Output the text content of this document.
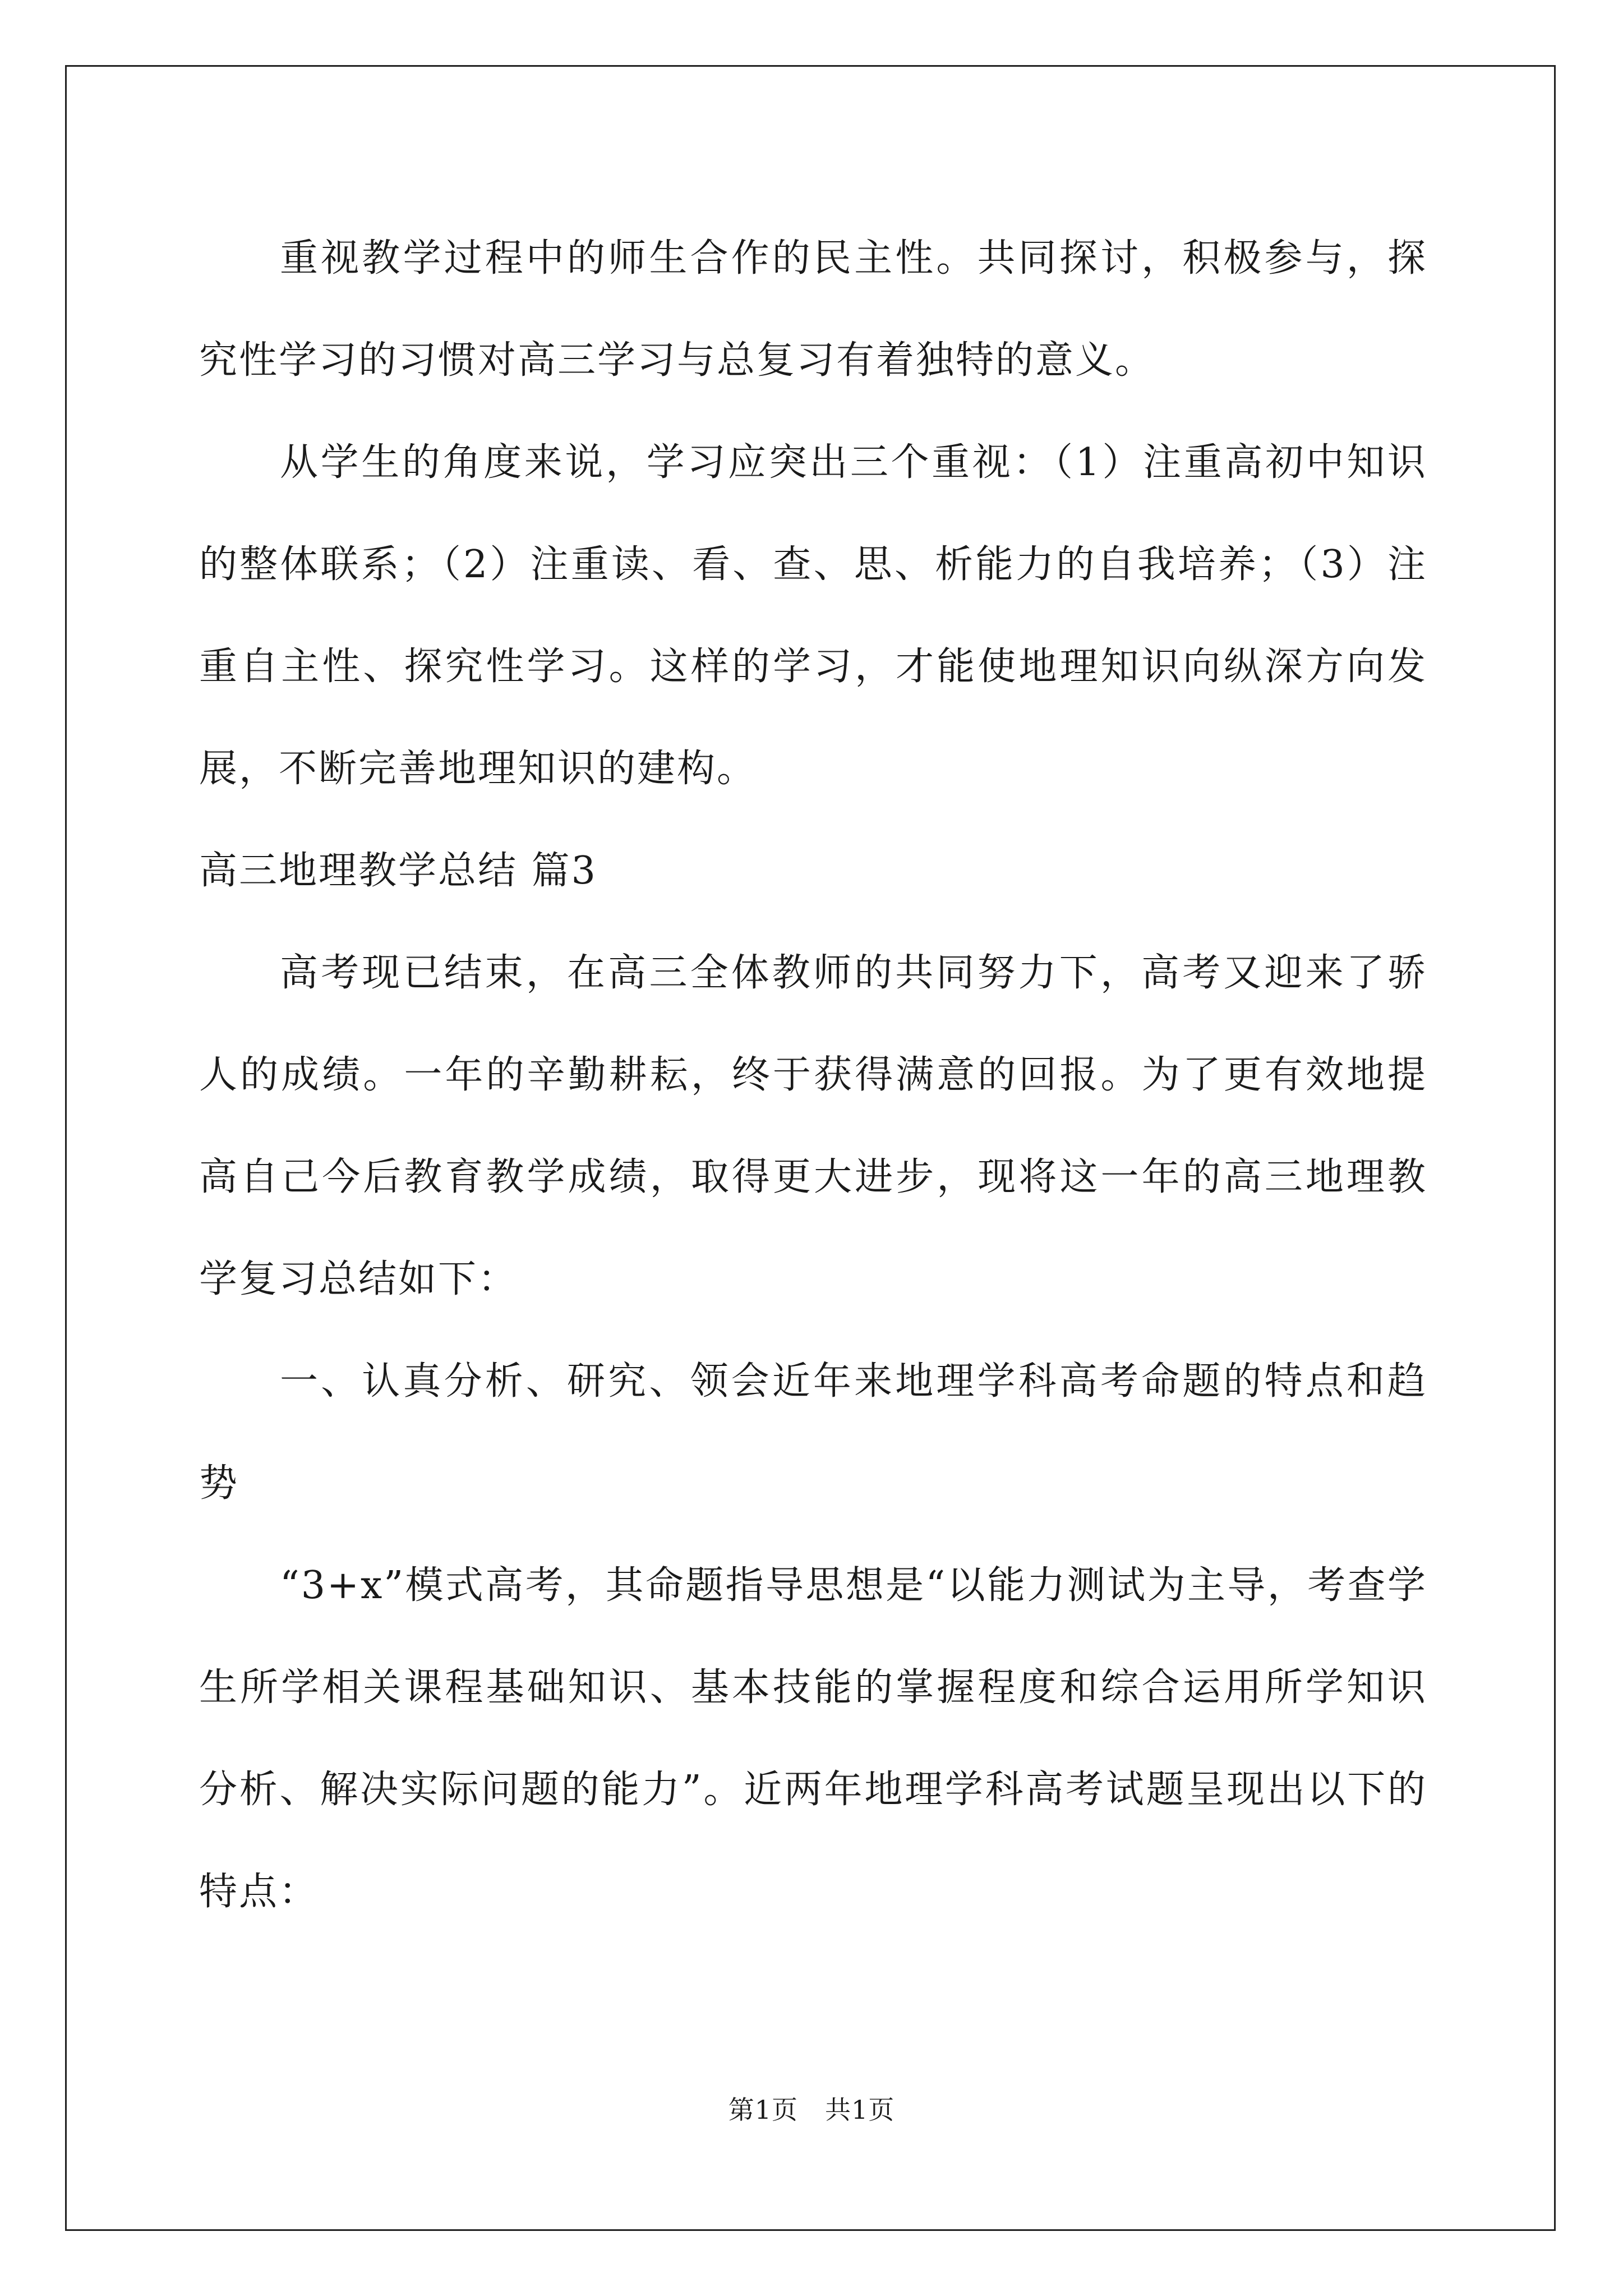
重视教学过程中的师生合作的民主性。共同探讨，积极参与，探究性学习的习惯对高三学习与总复习有着独特的意义。

从学生的角度来说，学习应突出三个重视：（1）注重高初中知识的整体联系；（2）注重读、看、查、思、析能力的自我培养；（3）注重自主性、探究性学习。这样的学习，才能使地理知识向纵深方向发展，不断完善地理知识的建构。

高三地理教学总结 篇3

高考现已结束，在高三全体教师的共同努力下，高考又迎来了骄人的成绩。一年的辛勤耕耘，终于获得满意的回报。为了更有效地提高自己今后教育教学成绩，取得更大进步，现将这一年的高三地理教学复习总结如下：

一、认真分析、研究、领会近年来地理学科高考命题的特点和趋势

“3+x”模式高考，其命题指导思想是“以能力测试为主导，考查学生所学相关课程基础知识、基本技能的掌握程度和综合运用所学知识分析、解决实际问题的能力”。近两年地理学科高考试题呈现出以下的特点：

第1页 共1页
